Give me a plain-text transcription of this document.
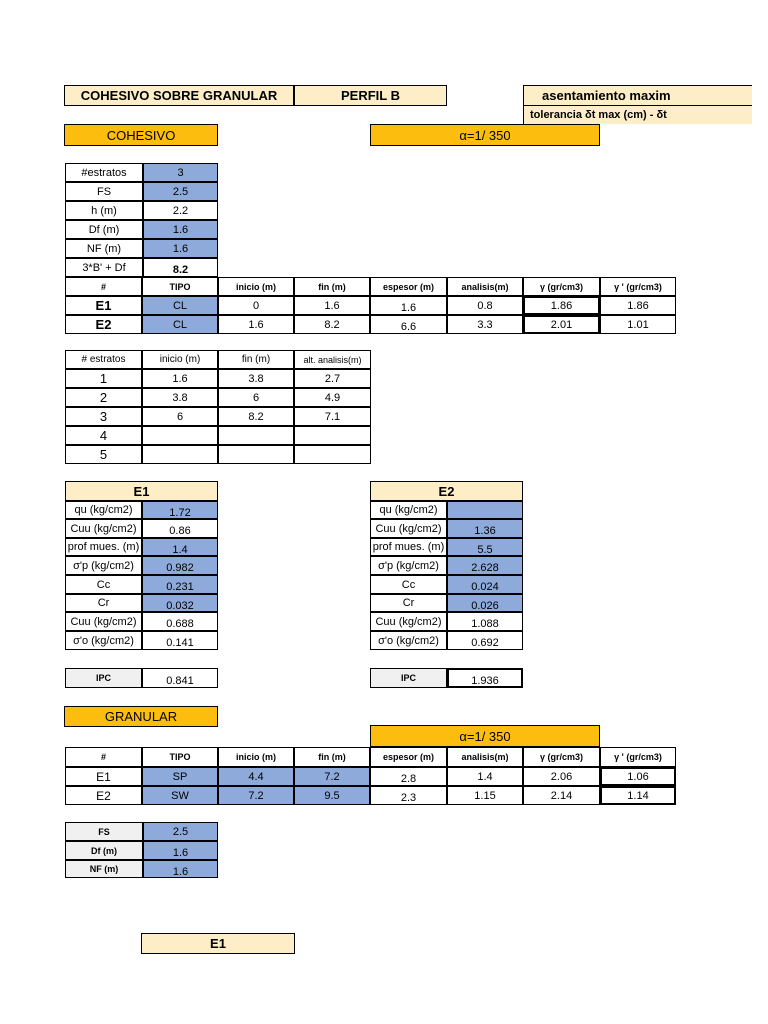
COHESIVO SOBRE GRANULAR	PERFIL B	asentamiento maxim
tolerancia δt max (cm) - δt
COHESIVO	α=1/ 350
#estratos	3
FS	2.5
h (m)	2.2
Df (m)	1.6
NF (m)	1.6
3*B' + Df	8.2
#	TIPO	inicio (m)	fin (m)	espesor (m)	analisis(m)	γ (gr/cm3)	γ ' (gr/cm3)
E1	CL	0	1.6	1.6	0.8	1.86	1.86
E2	CL	1.6	8.2	6.6	3.3	2.01	1.01
# estratos	inicio (m)	fin (m)	alt. analisis(m)
1	1.6	3.8	2.7
2	3.8	6	4.9
3	6	8.2	7.1
4
5
E1
qu (kg/cm2)	1.72
Cuu (kg/cm2)	0.86
prof mues. (m)	1.4
σ'p (kg/cm2)	0.982
Cc	0.231
Cr	0.032
Cuu (kg/cm2)	0.688
σ'o (kg/cm2)	0.141
IPC	0.841
E2
qu (kg/cm2)
Cuu (kg/cm2)	1.36
prof mues. (m)	5.5
σ'p (kg/cm2)	2.628
Cc	0.024
Cr	0.026
Cuu (kg/cm2)	1.088
σ'o (kg/cm2)	0.692
IPC	1.936
GRANULAR
α=1/ 350
#	TIPO	inicio (m)	fin (m)	espesor (m)	analisis(m)	γ (gr/cm3)	γ ' (gr/cm3)
E1	SP	4.4	7.2	2.8	1.4	2.06	1.06
E2	SW	7.2	9.5	2.3	1.15	2.14	1.14
FS	2.5
Df (m)	1.6
NF (m)	1.6
E1
